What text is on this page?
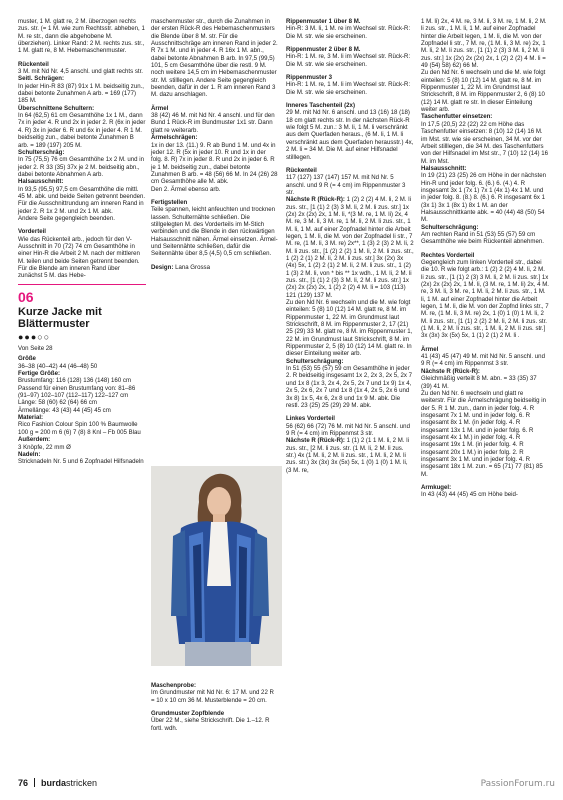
muster, 1 M. glatt re, 2 M. überzogen rechts zus. str. (= 1 M. wie zum Rechtsstr. abheben, 1 M. re str., dann die abgehobene M. überziehen). Linker Rand: 2 M. rechts zus. str., 1 M. glatt re, 8 M. Hebemaschenmuster.

Rückenteil

3 M. mit Nd Nr. 4,5 anschl. und glatt rechts str.

Seitl. Schrägen:

In jeder Hin-R 83 (87) 91x 1 M. beidseitig zun., dabei betonte Zunahmen A arb. = 169 (177) 185 M.

Überschnittene Schultern:

In 64 (62,5) 61 cm Gesamthöhe 1x 1 M., dann 7x in jeder 4. R und 2x in jeder 2. R (6x in jeder 4. R) 3x in jeder 6. R und 6x in jeder 4. R 1 M. beidseitig zun., dabei betonte Zunahmen B arb. = 189 (197) 205 M.

Schulterschräg:

In 75 (75,5) 76 cm Gesamthöhe 1x 2 M. und in jeder 2. R 33 (35) 37x je 2 M. beidseitig abn., dabei betonte Abnahmen A arb.

Halsausschnitt:

In 93,5 (95,5) 97,5 cm Gesamthöhe die mittl. 45 M. abk. und beide Seiten getrennt beenden. Für die Ausschnittrundung am inneren Rand in jeder 2. R 1x 2 M. und 2x 1 M. abk.

Andere Seite gegengleich beenden.

Vorderteil

Wie das Rückenteil arb., jedoch für den V-Ausschnitt in 70 (72) 74 cm Gesamthöhe in einer Hin-R die Arbeit 2 M. nach der mittleren M. teilen und beide Seiten getrennt beenden.

Für die Blende am inneren Rand über zunächst 5 M. das Hebe-

06
Kurze Jacke mit Blättermuster
●●●○○

Von Seite 28

Größe

36–38 (40–42) 44 (46–48) 50

Fertige Größe:

Brustumfang: 116 (128) 136 (148) 160 cm

Passend für einen Brustumfang von: 81–86 (91–97) 102–107 (112–117) 122–127 cm

Länge: 58 (60) 62 (64) 66 cm

Ärmellänge: 43 (43) 44 (45) 45 cm

Material:

Rico Fashion Colour Spin 100 % Baumwolle 100 g = 200 m 6 (6) 7 (8) 8 Knl – Fb 005 Blau

Außerdem:

3 Knöpfe, 22 mm Ø

Nadeln:

Stricknadeln Nr. 5 und 6 Zopfnadel Hilfsnadeln

maschenmuster str., durch die Zunahmen in der ersten Rück-R des Hebemaschenmusters die Blende über 8 M. str. Für die Ausschnittschräge am inneren Rand in jeder 2. R 7x 1 M. und in jeder 4. R 16x 1 M. abn., dabei betonte Abnahmen B arb. In 97,5 (99,5) 101, 5 cm Gesamthöhe über die restl. 9 M. noch weitere 14,5 cm im Hebemaschenmuster str. M. stilllegen. Andere Seite gegengleich beenden, dafür in der 1. R am inneren Rand 3 M. dazu anschlagen.

Ärmel

38 (42) 46 M. mit Nd Nr. 4 anschl. und für den Bund 1 Rück-R im Bundmuster 1x1 str. Dann glatt re weiterarb.

Ärmelschrägen:

1x in der 13. (11.) 9. R ab Bund 1 M. und 4x in jeder 12. R (5x in jeder 10. R und 1x in der folg. 8. R) 7x in jeder 8. R und 2x in jeder 6. R je 1 M. beidseitig zun., dabei betonte Zunahmen B arb. = 48 (56) 66 M. In 24 (26) 28 cm Gesamthöhe alle M. abk.

Den 2. Ärmel ebenso arb.

Fertigstellen

Teile spannen, leicht anfeuchten und trocknen lassen. Schulternähte schließen. Die stillgelegten M. des Vorderteils im M-Stich verbinden und die Blende in den rückwärtigen Halsausschnitt nähen. Ärmel einsetzen. Ärmel- und Seitennähte schließen, dafür die Seitennähte über 8,5 (4,5) 0,5 cm schließen.

Design: Lana Grossa

Maschenprobe:

Im Grundmuster mit Nd Nr. 6: 17 M. und 22 R = 10 x 10 cm 36 M. Musterblende = 20 cm.

Grundmuster Zopfblende

Über 22 M., siehe Strickschrift. Die 1.–12. R fortl. wdh.

Rippenmuster 1 über 8 M.

Hin-R: 3 M. li, 1 M. re im Wechsel str. Rück-R: Die M. str. wie sie erscheinen.

Rippenmuster 2 über 8 M.

Hin-R: 1 M. re, 3 M. li im Wechsel str. Rück-R: Die M. str. wie sie erscheinen.

Rippenmuster 3

Hin-R: 1 M. re, 1 M. li im Wechsel str. Rück-R: Die M. str. wie sie erscheinen.

Inneres Taschenteil (2x)

29 M. mit Nd Nr. 6 anschl. und 13 (16) 18 (18) 18 cm glatt rechts str. In der nächsten Rück-R wie folgt 5 M. zun.: 3 M. li, 1 M. li verschränkt aus dem Querfaden heraus., (6 M. li, 1 M. li verschränkt aus dem Querfaden herausstr.) 4x, 2 M. li = 34 M. Die M. auf einer Hilfsnadel stilllegen.

Rückenteil

117 (127) 137 (147) 157 M. mit Nd Nr. 5 anschl. und 9 R (= 4 cm) im Rippenmuster 3 str.

Nächste R (Rück-R): 1 (2) 2 (2) 4 M. li, 2 M. li zus. str., [1 (1) 2 (3) 3 M. li, 2 M. li zus. str.] 1x (2x) 2x (2x) 2x, 1 M. li, *(3 M. re, 1 M. li) 2x, 4 M. re, 3 M. li, 3 M. re, 1 M. li, 2 M. li zus. str., 1 M. li, 1 M. auf einer Zopfnadel hinter die Arbeit legen, 1 M. li, die M. von der Zopfnadel li str., 7 M. re, (1 M. li, 3 M. re) 2x**, 1 (3) 2 (3) 2 M. li, 2 M. li zus. str., [1 (2) 2 (2) 1 M. li, 2 M. li zus. str., 1 (2) 2 (1) 2 M. li, 2 M. li zus. str.] 3x (2x) 3x (4x) 5x, 1 (2) 2 (1) 2 M. li, 2 M. li zus. str., 1 (2) 1 (3) 2 M. li, von * bis ** 1x wdh., 1 M. li, 2 M. li zus. str., [1 (1) 2 (3) 3 M. li, 2 M. li zus. str.] 1x (2x) 2x (2x) 2x, 1 (2) 2 (2) 4 M. li = 103 (113) 121 (129) 137 M.

Zu den Nd Nr. 6 wechseln und die M. wie folgt einteilen: 5 (8) 10 (12) 14 M. glatt re, 8 M. im Rippenmuster 1, 22 M. im Grundmust laut Strickschrift, 8 M. im Rippenmuster 2, 17 (21) 25 (29) 33 M. glatt re, 8 M. im Rippenmuster 1, 22 M. im Grundmust laut Strickschrift, 8 M. im Rippenmuster 2, 5 (8) 10 (12) 14 M. glatt re. In dieser Einteilung weiter arb.

Schulterschrägung:

In 51 (53) 55 (57) 59 cm Gesamthöhe in jeder 2. R beidseitig insgesamt 1x 2, 2x 3, 2x 5, 2x 7 und 1x 8 (1x 3, 2x 4, 2x 5, 2x 7 und 1x 9) 1x 4, 2x 5, 2x 6, 2x 7 und 1x 8 (1x 4, 2x 5, 2x 6 und 3x 8) 1x 5, 4x 6, 2x 8 und 1x 9 M. abk. Die restl. 23 (25) 25 (29) 29 M. abk.

Linkes Vorderteil

56 (62) 66 (72) 76 M. mit Nd Nr. 5 anschl. und 9 R (= 4 cm) im Rippenmst 3 str.

Nächste R (Rück-R): 1 (1) 2 (1 1 M. li, 2 M. li zus. str., [2 M. li zus. str. (1 M. li, 2 M. li zus. str.) 4x (1 M. li, 2 M. li zus. str., 1 M. li, 2 M. li zus. str.) 3x (3x) 3x (5x) 5x, 1 (0) 1 (0) 1 M. li, (3 M. re,

1 M. li) 2x, 4 M. re, 3 M. li, 3 M. re, 1 M. li, 2 M. li zus. str., 1 M. li, 1 M. auf einer Zopfnadel hinter die Arbeit legen, 1 M. li, die M. von der Zopfnadel li str., 7 M. re, (1 M. li, 3 M. re) 2x, 1 M. li, 2 M. li zus. str., [1 (1) 2 (3) 3 M. li, 2 M. li zus. str.] 1x (2x) 2x (2x) 2x, 1 (2) 2 (2) 4 M. li = 49 (54) 58) 62) 66 M.

Zu den Nd Nr. 6 wechseln und die M. wie folgt einteilen: 5 (8) 10 (12) 14 M. glatt re, 8 M. im Rippenmuster 1, 22 M. im Grundmst laut Strickschrift, 8 M. im Rippenmuster 2, 6 (8) 10 (12) 14 M. glatt re str. In dieser Einteilung weiter arb.

Taschenfutter einsetzen:

In 17,5 (20,5) 22 (22) 22 cm Höhe das Taschenfutter einsetzen: 8 (10) 12 (14) 16 M. im Mst. str. wie sie erscheinen, 34 M. vor der Arbeit stilllegen, die 34 M. des Taschenfutters von der Hilfsnadel im Mst str., 7 (10) 12 (14) 16 M. im Mst.

Halsausschnitt:

In 19 (21) 23 (25) 26 cm Höhe in der nächsten Hin-R und jeder folg. 6. (6.) 6. (4.) 4. R insgesamt 3x 1 (7x 1) 7x 1 (4x 1) 4x 1 M. und in jeder folg. 8. (8.) 8. (6.) 6. R insgesamt 6x 1 (3x 1) 3x 1 (8x 1) 8x 1 M. an der Halsausschnittkante abk. = 40 (44) 48 (50) 54 M.

Schulterschrägung:

Am rechten Rand in 51 (53) 55 (57) 59 cm Gesamthöhe wie beim Rückenteil abnehmen.

Rechtes Vorderteil

Gegengleich zum linken Vorderteil str., dabei die 10. R wie folgt arb.: 1 (2) 2 (2) 4 M. li, 2 M. li zus. str., [1 (1) 2 (3) 3 M. li, 2 M. li zus. str.] 1x (2x) 2x (2x) 2x, 1 M. li, (3 M. re, 1 M. li) 2x, 4 M. re, 3 M. li, 3 M. re, 1 M. li, 2 M. li zus. str., 1 M. li, 1 M. auf einer Zopfnadel hinter die Arbeit legen, 1 M. li, die M. von der Zopfnd links str., 7 M. re, (1 M. li, 3 M. re) 2x, 1 (0) 1 (0) 1 M. li, 2 M. li zus. str., [1 (1) 2 (2) 2 M. li, 2 M. li zus. str. (1 M. li, 2 M. li zus. str., 1 M. li, 2 M. li zus. str.] 3x (3x) 3x (5x) 5x, 1 (1) 2 (1) 2 M. li .

Ärmel

41 (43) 45 (47) 49 M. mit Nd Nr. 5 anschl. und 9 R (= 4 cm) im Rippenmst 3 str.

Nächste R (Rück-R):

Gleichmäßig verteilt 8 M. abn. = 33 (35) 37 (39) 41 M.

Zu den Nd Nr. 6 wechseln und glatt re weiterstr. Für die Ärmelschrägung beidseitig in der 5. R 1 M. zun., dann in jeder folg. 4. R insgesamt 7x 1 M. und in jeder folg. 6. R insgesamt 8x 1 M. (in jeder folg. 4. R insgesamt 13x 1 M. und in jeder folg. 6. R insgesamt 4x 1 M.) in jeder folg. 4. R insgesamt 19x 1 M. (in jeder folg. 4. R insgesamt 20x 1 M.) in jeder folg. 2. R insgesamt 3x 1 M. und in jeder folg. 4. R insgesamt 18x 1 M. zun. = 65 (71) 77 (81) 85 M.

Armkugel:

In 43 (43) 44 (45) 45 cm Höhe beid-

76 burdastricken	PassionForum.ru
